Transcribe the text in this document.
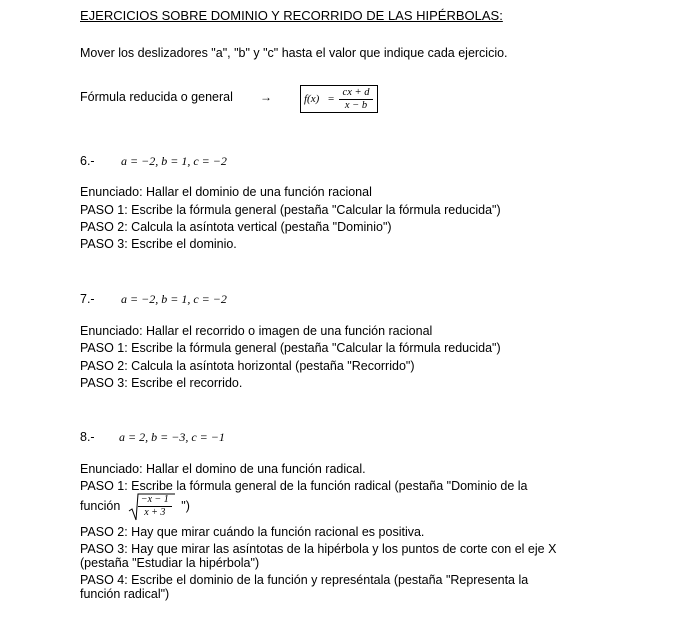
EJERCICIOS SOBRE DOMINIO Y RECORRIDO DE LAS HIPÉRBOLAS:
Mover los deslizadores "a", "b" y "c" hasta el valor que indique cada ejercicio.
Fórmula reducida o general →	f(x) =
cx + d
x − b
6.- a = −2, b = 1, c = −2
Enunciado: Hallar el dominio de una función racional
PASO 1: Escribe la fórmula general (pestaña "Calcular la fórmula reducida")
PASO 2: Calcula la asíntota vertical (pestaña "Dominio")
PASO 3: Escribe el dominio.
7.- a = −2, b = 1, c = −2
Enunciado: Hallar el recorrido o imagen de una función racional
PASO 1: Escribe la fórmula general (pestaña "Calcular la fórmula reducida")
PASO 2: Calcula la asíntota horizontal (pestaña "Recorrido")
PASO 3: Escribe el recorrido.
8.- a = 2, b = −3, c = −1
Enunciado: Hallar el domino de una función radical.
PASO 1: Escribe la fórmula general de la función radical (pestaña "Dominio de la
función	−x − 1
x + 3	")
PASO 2: Hay que mirar cuándo la función racional es positiva.
PASO 3: Hay que mirar las asíntotas de la hipérbola y los puntos de corte con el eje X
(pestaña "Estudiar la hipérbola")
PASO 4: Escribe el dominio de la función y represéntala (pestaña "Representa la
función radical")
